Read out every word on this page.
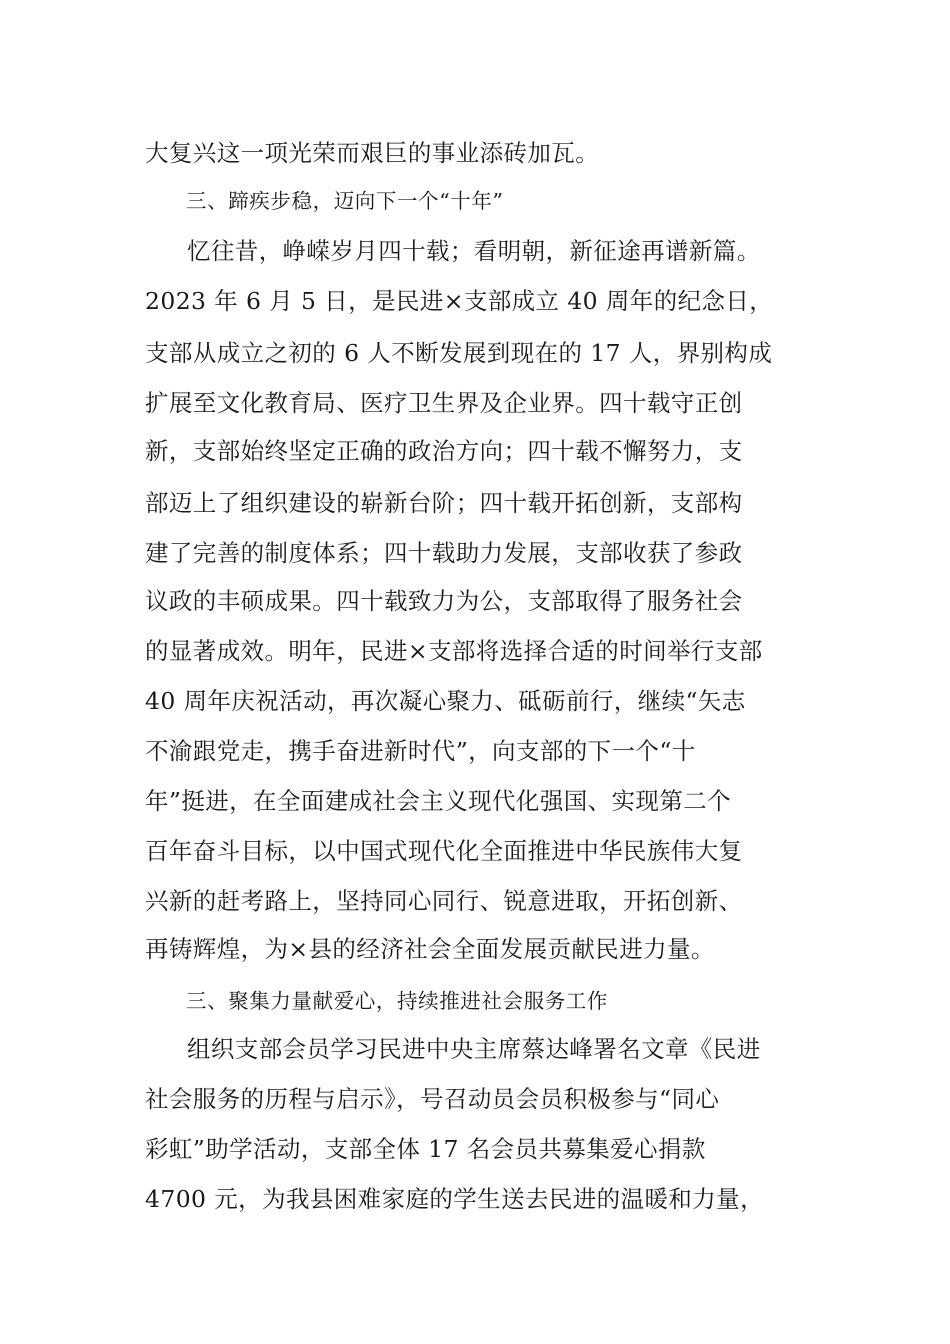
大复兴这一项光荣而艰巨的事业添砖加瓦。
三、蹄疾步稳，迈向下一个“十年”
忆往昔，峥嵘岁月四十载；看明朝，新征途再谱新篇。
2023 年 6 月 5 日，是民进×支部成立 40 周年的纪念日，
支部从成立之初的 6 人不断发展到现在的 17 人，界别构成
扩展至文化教育局、医疗卫生界及企业界。四十载守正创
新，支部始终坚定正确的政治方向；四十载不懈努力，支
部迈上了组织建设的崭新台阶；四十载开拓创新，支部构
建了完善的制度体系；四十载助力发展，支部收获了参政
议政的丰硕成果。四十载致力为公，支部取得了服务社会
的显著成效。明年，民进×支部将选择合适的时间举行支部
40 周年庆祝活动，再次凝心聚力、砥砺前行，继续“矢志
不渝跟党走，携手奋进新时代”，向支部的下一个“十
年”挺进，在全面建成社会主义现代化强国、实现第二个
百年奋斗目标，以中国式现代化全面推进中华民族伟大复
兴新的赶考路上，坚持同心同行、锐意进取，开拓创新、
再铸辉煌，为×县的经济社会全面发展贡献民进力量。
三、聚集力量献爱心，持续推进社会服务工作
组织支部会员学习民进中央主席蔡达峰署名文章《民进
社会服务的历程与启示》，号召动员会员积极参与“同心
彩虹”助学活动，支部全体 17 名会员共募集爱心捐款
4700 元，为我县困难家庭的学生送去民进的温暖和力量，
